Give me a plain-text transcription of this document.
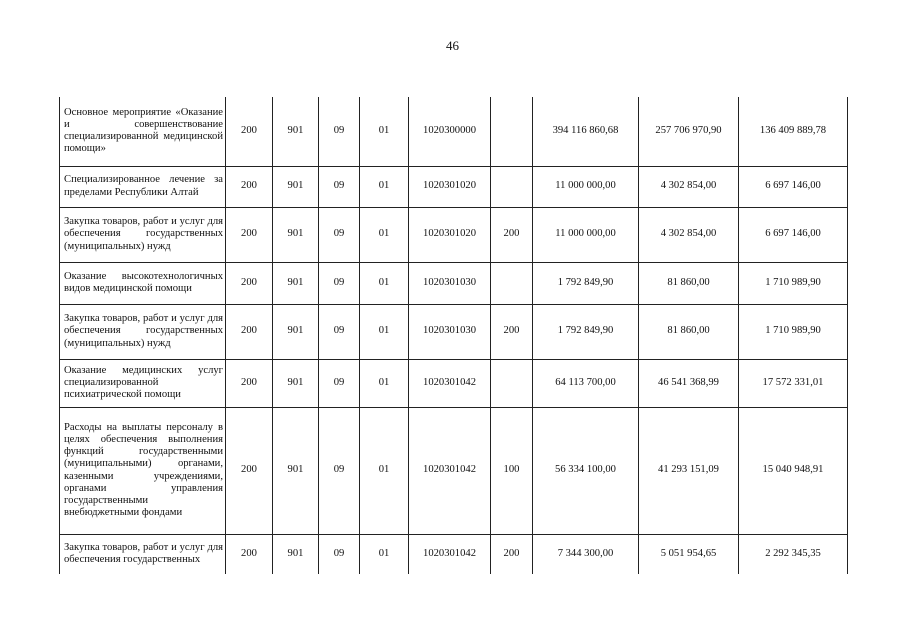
46
Основное мероприятие «Оказание и совершенствование специализированной медицинской помощи»	200	901	09	01	1020300000		394 116 860,68	257 706 970,90	136 409 889,78
Специализированное лечение за пределами Республики Алтай	200	901	09	01	1020301020		11 000 000,00	4 302 854,00	6 697 146,00
Закупка товаров, работ и услуг для обеспечения государственных (муниципальных) нужд	200	901	09	01	1020301020	200	11 000 000,00	4 302 854,00	6 697 146,00
Оказание высокотехнологичных видов медицинской помощи	200	901	09	01	1020301030		1 792 849,90	81 860,00	1 710 989,90
Закупка товаров, работ и услуг для обеспечения государственных (муниципальных) нужд	200	901	09	01	1020301030	200	1 792 849,90	81 860,00	1 710 989,90
Оказание медицинских услуг специализированной психиатрической помощи	200	901	09	01	1020301042		64 113 700,00	46 541 368,99	17 572 331,01
Расходы на выплаты персоналу в целях обеспечения выполнения функций государственными (муниципальными) органами, казенными учреждениями, органами управления государственными внебюджетными фондами	200	901	09	01	1020301042	100	56 334 100,00	41 293 151,09	15 040 948,91
Закупка товаров, работ и услуг для обеспечения государственных	200	901	09	01	1020301042	200	7 344 300,00	5 051 954,65	2 292 345,35
